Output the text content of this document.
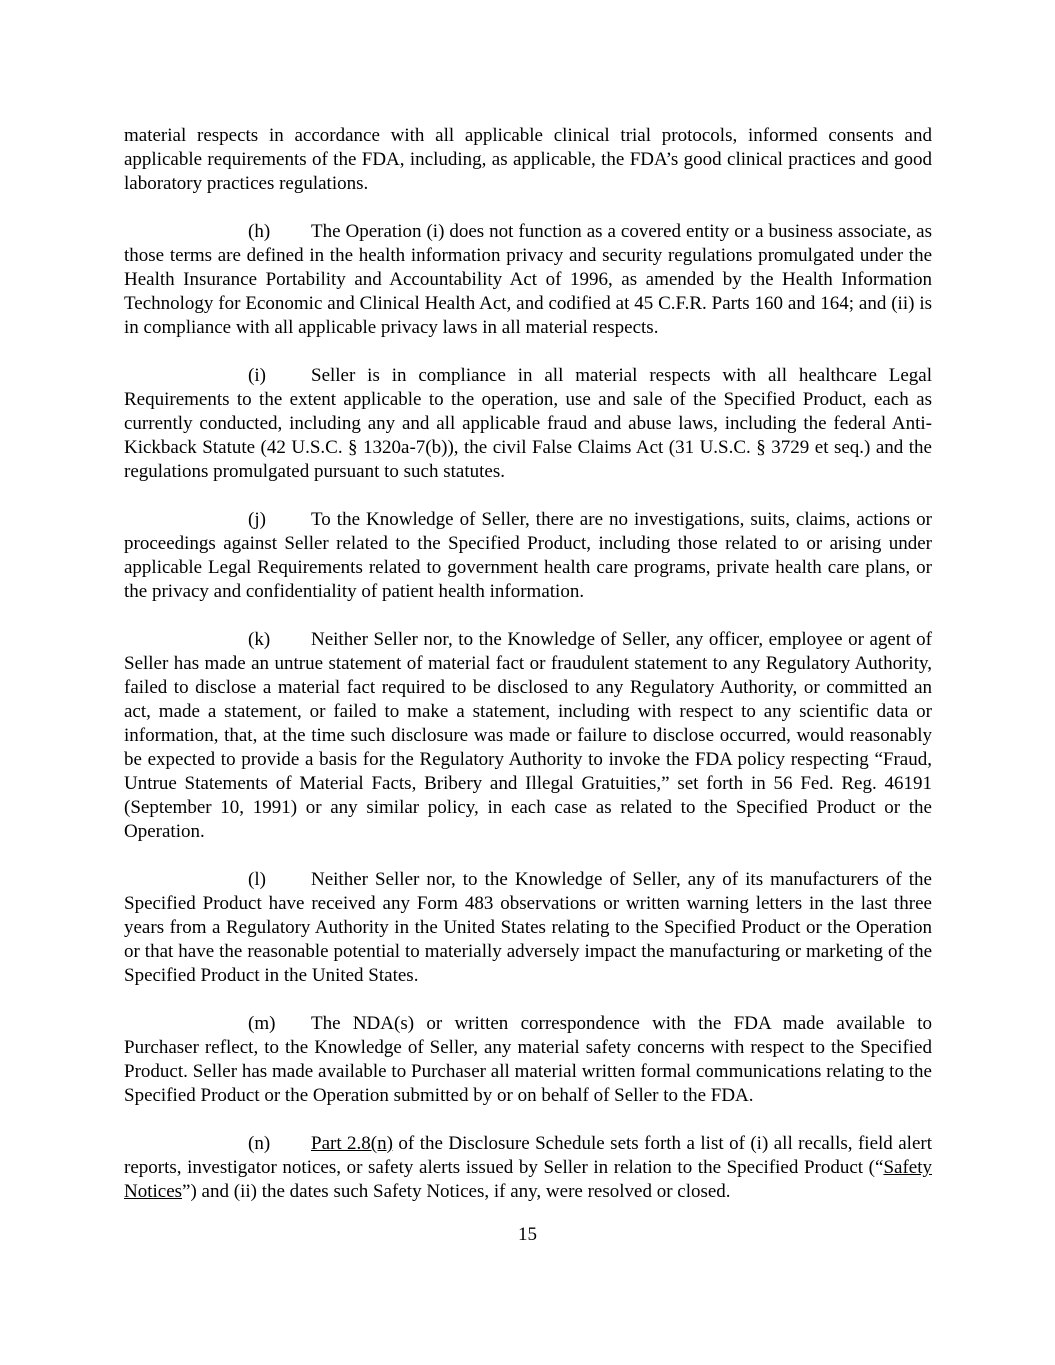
material respects in accordance with all applicable clinical trial protocols, informed consents and applicable requirements of the FDA, including, as applicable, the FDA’s good clinical practices and good laboratory practices regulations.

(h) The Operation (i) does not function as a covered entity or a business associate, as those terms are defined in the health information privacy and security regulations promulgated under the Health Insurance Portability and Accountability Act of 1996, as amended by the Health Information Technology for Economic and Clinical Health Act, and codified at 45 C.F.R. Parts 160 and 164; and (ii) is in compliance with all applicable privacy laws in all material respects.

(i) Seller is in compliance in all material respects with all healthcare Legal Requirements to the extent applicable to the operation, use and sale of the Specified Product, each as currently conducted, including any and all applicable fraud and abuse laws, including the federal Anti-Kickback Statute (42 U.S.C. § 1320a-7(b)), the civil False Claims Act (31 U.S.C. § 3729 et seq.) and the regulations promulgated pursuant to such statutes.

(j) To the Knowledge of Seller, there are no investigations, suits, claims, actions or proceedings against Seller related to the Specified Product, including those related to or arising under applicable Legal Requirements related to government health care programs, private health care plans, or the privacy and confidentiality of patient health information.

(k) Neither Seller nor, to the Knowledge of Seller, any officer, employee or agent of Seller has made an untrue statement of material fact or fraudulent statement to any Regulatory Authority, failed to disclose a material fact required to be disclosed to any Regulatory Authority, or committed an act, made a statement, or failed to make a statement, including with respect to any scientific data or information, that, at the time such disclosure was made or failure to disclose occurred, would reasonably be expected to provide a basis for the Regulatory Authority to invoke the FDA policy respecting “Fraud, Untrue Statements of Material Facts, Bribery and Illegal Gratuities,” set forth in 56 Fed. Reg. 46191 (September 10, 1991) or any similar policy, in each case as related to the Specified Product or the Operation.

(l) Neither Seller nor, to the Knowledge of Seller, any of its manufacturers of the Specified Product have received any Form 483 observations or written warning letters in the last three years from a Regulatory Authority in the United States relating to the Specified Product or the Operation or that have the reasonable potential to materially adversely impact the manufacturing or marketing of the Specified Product in the United States.

(m) The NDA(s) or written correspondence with the FDA made available to Purchaser reflect, to the Knowledge of Seller, any material safety concerns with respect to the Specified Product. Seller has made available to Purchaser all material written formal communications relating to the Specified Product or the Operation submitted by or on behalf of Seller to the FDA.

(n) Part 2.8(n) of the Disclosure Schedule sets forth a list of (i) all recalls, field alert reports, investigator notices, or safety alerts issued by Seller in relation to the Specified Product (“Safety Notices”) and (ii) the dates such Safety Notices, if any, were resolved or closed.

15
